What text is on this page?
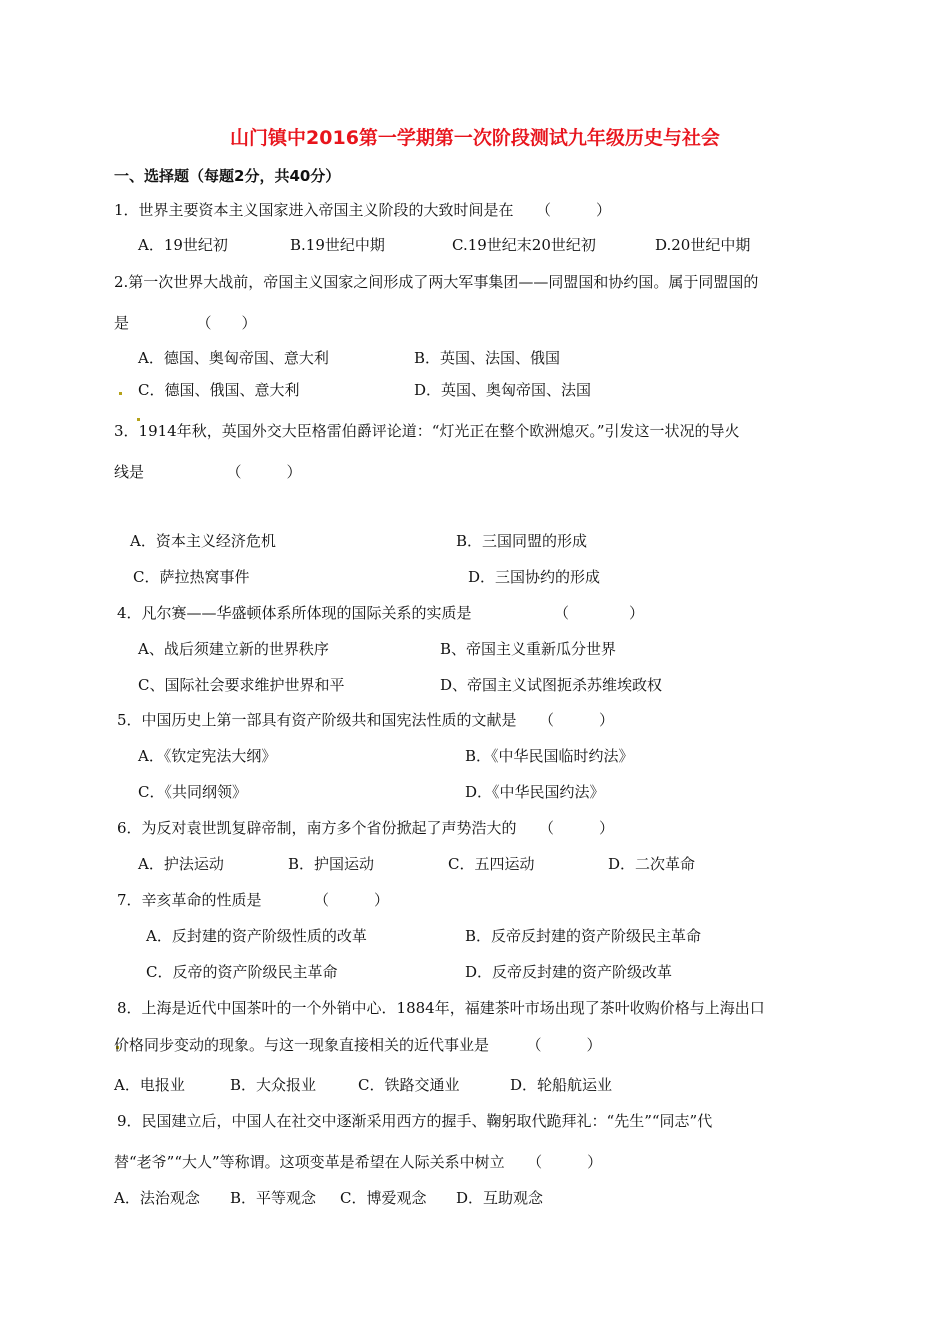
山门镇中2016第一学期第一次阶段测试九年级历史与社会
一、选择题（每题2分，共40分）
1．世界主要资本主义国家进入帝国主义阶段的大致时间是在　　（　　　）
A．19世纪初	B.19世纪中期	C.19世纪末20世纪初	D.20世纪中期
2.第一次世界大战前，帝国主义国家之间形成了两大军事集团——同盟国和协约国。属于同盟国的
是　　　　　（　　）
A．德国、奥匈帝国、意大利	B．英国、法国、俄国
C．德国、俄国、意大利	D．英国、奥匈帝国、法国
3．1914年秋，英国外交大臣格雷伯爵评论道：“灯光正在整个欧洲熄灭。”引发这一状况的导火
线是　　　　　　（　　　）
A．资本主义经济危机	B．三国同盟的形成
C．萨拉热窝事件	D．三国协约的形成
4．凡尔赛——华盛顿体系所体现的国际关系的实质是　　　　　　（　　　　）
A、战后须建立新的世界秩序	B、帝国主义重新瓜分世界
C、国际社会要求维护世界和平	D、帝国主义试图扼杀苏维埃政权
5．中国历史上第一部具有资产阶级共和国宪法性质的文献是　　（　　　）
A．《钦定宪法大纲》	B．《中华民国临时约法》
C．《共同纲领》	D．《中华民国约法》
6．为反对袁世凯复辟帝制，南方多个省份掀起了声势浩大的　　（　　　）
A．护法运动	B．护国运动	C．五四运动	D．二次革命
7．辛亥革命的性质是　　　　（　　　）
A．反封建的资产阶级性质的改革	B．反帝反封建的资产阶级民主革命
C．反帝的资产阶级民主革命	D．反帝反封建的资产阶级改革
8．上海是近代中国茶叶的一个外销中心．1884年，福建茶叶市场出现了茶叶收购价格与上海出口
价格同步变动的现象。与这一现象直接相关的近代事业是　　　（　　　）
A．电报业	B．大众报业	C．铁路交通业	D．轮船航运业
9．民国建立后，中国人在社交中逐渐采用西方的握手、鞠躬取代跪拜礼：“先生”“同志”代
替“老爷”“大人”等称谓。这项变革是希望在人际关系中树立　　（　　　）
A．法治观念 B．平等观念 C．博爱观念 D．互助观念
